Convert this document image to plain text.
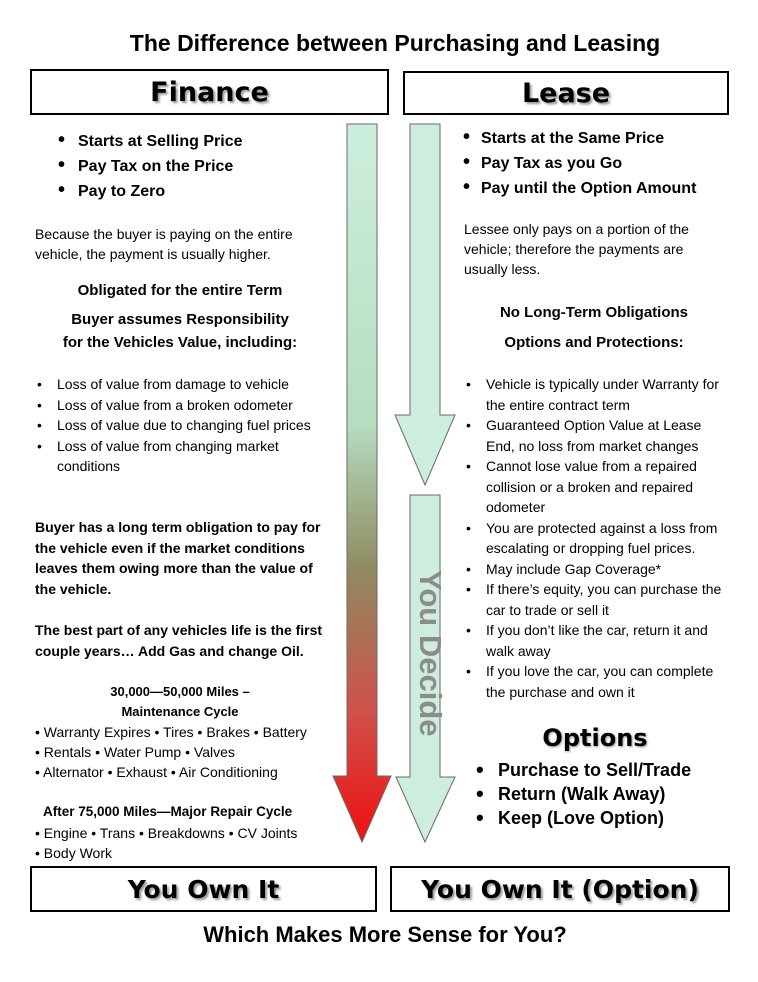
The Difference between Purchasing and Leasing
Finance	Lease
You Decide
• Starts at Selling Price
• Pay Tax on the Price
• Pay to Zero
Because the buyer is paying on the entire vehicle, the payment is usually higher.
Obligated for the entire Term
Buyer assumes Responsibility
for the Vehicles Value, including:
• Loss of value from damage to vehicle
• Loss of value from a broken odometer
• Loss of value due to changing fuel prices
• Loss of value from changing market conditions
Buyer has a long term obligation to pay for the vehicle even if the market conditions leaves them owing more than the value of the vehicle.
The best part of any vehicles life is the first couple years… Add Gas and change Oil.
30,000—50,000 Miles –
Maintenance Cycle
• Warranty Expires • Tires • Brakes • Battery
• Rentals • Water Pump • Valves
• Alternator • Exhaust • Air Conditioning
After 75,000 Miles—Major Repair Cycle
• Engine • Trans • Breakdowns • CV Joints
• Body Work
• Starts at the Same Price
• Pay Tax as you Go
• Pay until the Option Amount
Lessee only pays on a portion of the vehicle; therefore the payments are usually less.
No Long-Term Obligations
Options and Protections:
• Vehicle is typically under Warranty for the entire contract term
• Guaranteed Option Value at Lease End, no loss from market changes
• Cannot lose value from a repaired collision or a broken and repaired odometer
• You are protected against a loss from escalating or dropping fuel prices.
• May include Gap Coverage*
• If there’s equity, you can purchase the car to trade or sell it
• If you don’t like the car, return it and walk away
• If you love the car, you can complete the purchase and own it
Options
• Purchase to Sell/Trade
• Return (Walk Away)
• Keep (Love Option)
You Own It	You Own It (Option)
Which Makes More Sense for You?
